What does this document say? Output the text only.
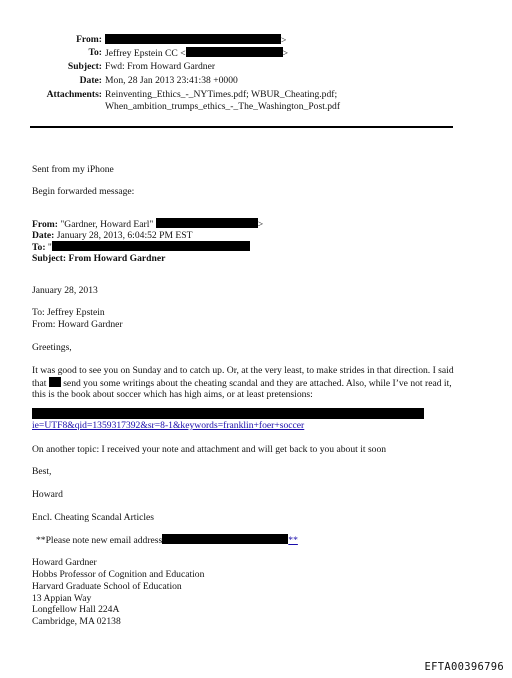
From:	>
To: Jeffrey Epstein CC <	>
Subject: Fwd: From Howard Gardner
Date: Mon, 28 Jan 2013 23:41:38 +0000
Attachments: Reinventing_Ethics_-_NYTimes.pdf; WBUR_Cheating.pdf;
When_ambition_trumps_ethics_-_The_Washington_Post.pdf
Sent from my iPhone
Begin forwarded message:
From: "Gardner, Howard Earl"	>
Date: January 28, 2013, 6:04:52 PM EST
To: "
Subject: From Howard Gardner
January 28, 2013
To: Jeffrey Epstein
From: Howard Gardner
Greetings,
It was good to see you on Sunday and to catch up. Or, at the very least, to make strides in that direction. I said
that send you some writings about the cheating scandal and they are attached. Also, while I’ve not read it,
this is the book about soccer which has high aims, or at least pretensions:
ie=UTF8&qid=1359317392&sr=8-1&keywords=franklin+foer+soccer
On another topic: I received your note and attachment and will get back to you about it soon
Best,
Howard
Encl. Cheating Scandal Articles
**Please note new email address	**
Howard Gardner
Hobbs Professor of Cognition and Education
Harvard Graduate School of Education
13 Appian Way
Longfellow Hall 224A
Cambridge, MA 02138
EFTA00396796
